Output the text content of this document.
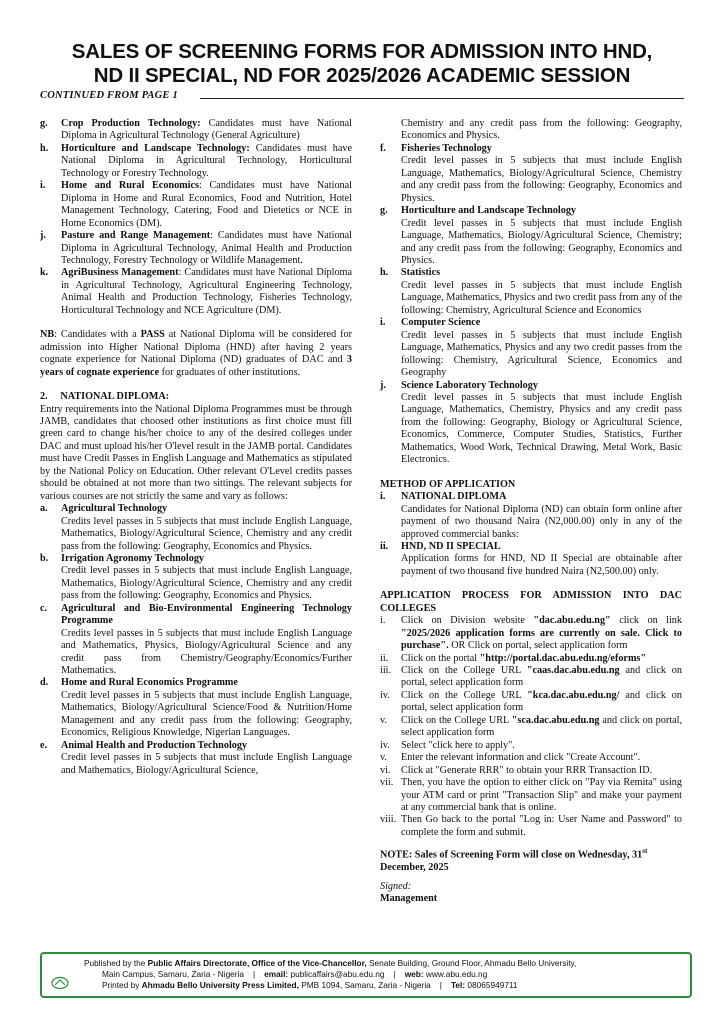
SALES OF SCREENING FORMS FOR ADMISSION INTO HND,
ND II SPECIAL, ND FOR 2025/2026 ACADEMIC SESSION
CONTINUED FROM PAGE 1
g. Crop Production Technology: Candidates must have National Diploma in Agricultural Technology (General Agriculture)
h. Horticulture and Landscape Technology: Candidates must have National Diploma in Agricultural Technology, Horticultural Technology or Forestry Technology.
i. Home and Rural Economics: Candidates must have National Diploma in Home and Rural Economics, Food and Nutrition, Hotel Management Technology, Catering, Food and Dietetics or NCE in Home Economics (DM).
j. Pasture and Range Management: Candidates must have National Diploma in Agricultural Technology, Animal Health and Production Technology, Forestry Technology or Wildlife Management.
k. AgriBusiness Management: Candidates must have National Diploma in Agricultural Technology, Agricultural Engineering Technology, Animal Health and Production Technology, Fisheries Technology, Horticultural Technology and NCE Agriculture (DM).
NB: Candidates with a PASS at National Diploma will be considered for admission into Higher National Diploma (HND) after having 2 years cognate experience for National Diploma (ND) graduates of DAC and 3 years of cognate experience for graduates of other institutions.
2.     NATIONAL DIPLOMA:
Entry requirements into the National Diploma Programmes must be through JAMB, candidates that choosed other institutions as first choice must fill green card to change his/her choice to any of the desired colleges under DAC and must upload his/her O'level result in the JAMB portal. Candidates must have Credit Passes in English Language and Mathematics as stipulated by the National Policy on Education. Other relevant O'Level credits passes should be obtained at not more than two sittings. The relevant subjects for various courses are not strictly the same and vary as follows:
a. Agricultural Technology
Credits level passes in 5 subjects that must include English Language, Mathematics, Biology/Agricultural Science, Chemistry and any credit pass from the following: Geography, Economics and Physics.
b. Irrigation Agronomy Technology
Credit level passes in 5 subjects that must include English Language, Mathematics, Biology/Agricultural Science, Chemistry and any credit pass from the following: Geography, Economics and Physics.
c. Agricultural and Bio-Environmental Engineering Technology Programme
Credits level passes in 5 subjects that must include English Language and Mathematics, Physics, Biology/Agricultural Science and any credit pass from Chemistry/Geography/Economics/Further Mathematics.
d. Home and Rural Economics Programme
Credit level passes in 5 subjects that must include English Language, Mathematics, Biology/Agricultural Science/Food & Nutrition/Home Management and any credit pass from the following: Geography, Economics, Religious Knowledge, Nigerian Languages.
e. Animal Health and Production Technology
Credit level passes in 5 subjects that must include English Language and Mathematics, Biology/Agricultural Science,
Chemistry and any credit pass from the following: Geography, Economics and Physics.
f. Fisheries Technology
Credit level passes in 5 subjects that must include English Language, Mathematics, Biology/Agricultural Science, Chemistry and any credit pass from the following: Geography, Economics and Physics.
g. Horticulture and Landscape Technology
Credit level passes in 5 subjects that must include English Language, Mathematics, Biology/Agricultural Science, Chemistry; and any credit pass from the following: Geography, Economics and Physics.
h. Statistics
Credit level passes in 5 subjects that must include English Language, Mathematics, Physics and two credit pass from any of the following: Chemistry, Agricultural Science and Economics
i. Computer Science
Credit level passes in 5 subjects that must include English Language, Mathematics, Physics and any two credit passes from the following: Chemistry, Agricultural Science, Economics and Geography
j. Science Laboratory Technology
Credit level passes in 5 subjects that must include English Language, Mathematics, Chemistry, Physics and any credit pass from the following: Geography, Biology or Agricultural Science, Economics, Commerce, Computer Studies, Statistics, Further Mathematics, Wood Work, Technical Drawing, Metal Work, Basic Electronics.
METHOD OF APPLICATION
i. NATIONAL DIPLOMA
Candidates for National Diploma (ND) can obtain form online after payment of two thousand Naira (N2,000.00) only in any of the approved commercial banks:
ii. HND, ND II SPECIAL
Application forms for HND, ND II Special are obtainable after payment of two thousand five hundred Naira (N2,500.00) only.
APPLICATION PROCESS FOR ADMISSION INTO DAC COLLEGES
i. Click on Division website "dac.abu.edu.ng" click on link "2025/2026 application forms are currently on sale. Click to purchase". OR Click on portal, select application form
ii. Click on the portal "http://portal.dac.abu.edu.ng/eforms"
iii. Click on the College URL "caas.dac.abu.edu.ng and click on portal, select application form
iv. Click on the College URL "kca.dac.abu.edu.ng/ and click on portal, select application form
v. Click on the College URL "sca.dac.abu.edu.ng and click on portal, select application form
iv. Select "click here to apply".
v. Enter the relevant information and click "Create Account".
vi. Click at "Generate RRR" to obtain your RRR Transaction ID.
vii. Then, you have the option to either click on "Pay via Remita" using your ATM card or print "Transaction Slip" and make your payment at any commercial bank that is online.
viii. Then Go back to the portal "Log in: User Name and Password" to complete the form and submit.
NOTE: Sales of Screening Form will close on Wednesday, 31st
December, 2025
Signed:
Management
Published by the Public Affairs Directorate, Office of the Vice-Chancellor, Senate Building, Ground Floor, Ahmadu Bello University,
Main Campus, Samaru, Zaria - Nigeria | email: publicaffairs@abu.edu.ng | web: www.abu.edu.ng
Printed by Ahmadu Bello University Press Limited, PMB 1094, Samaru, Zaria - Nigeria | Tel: 08065949711
